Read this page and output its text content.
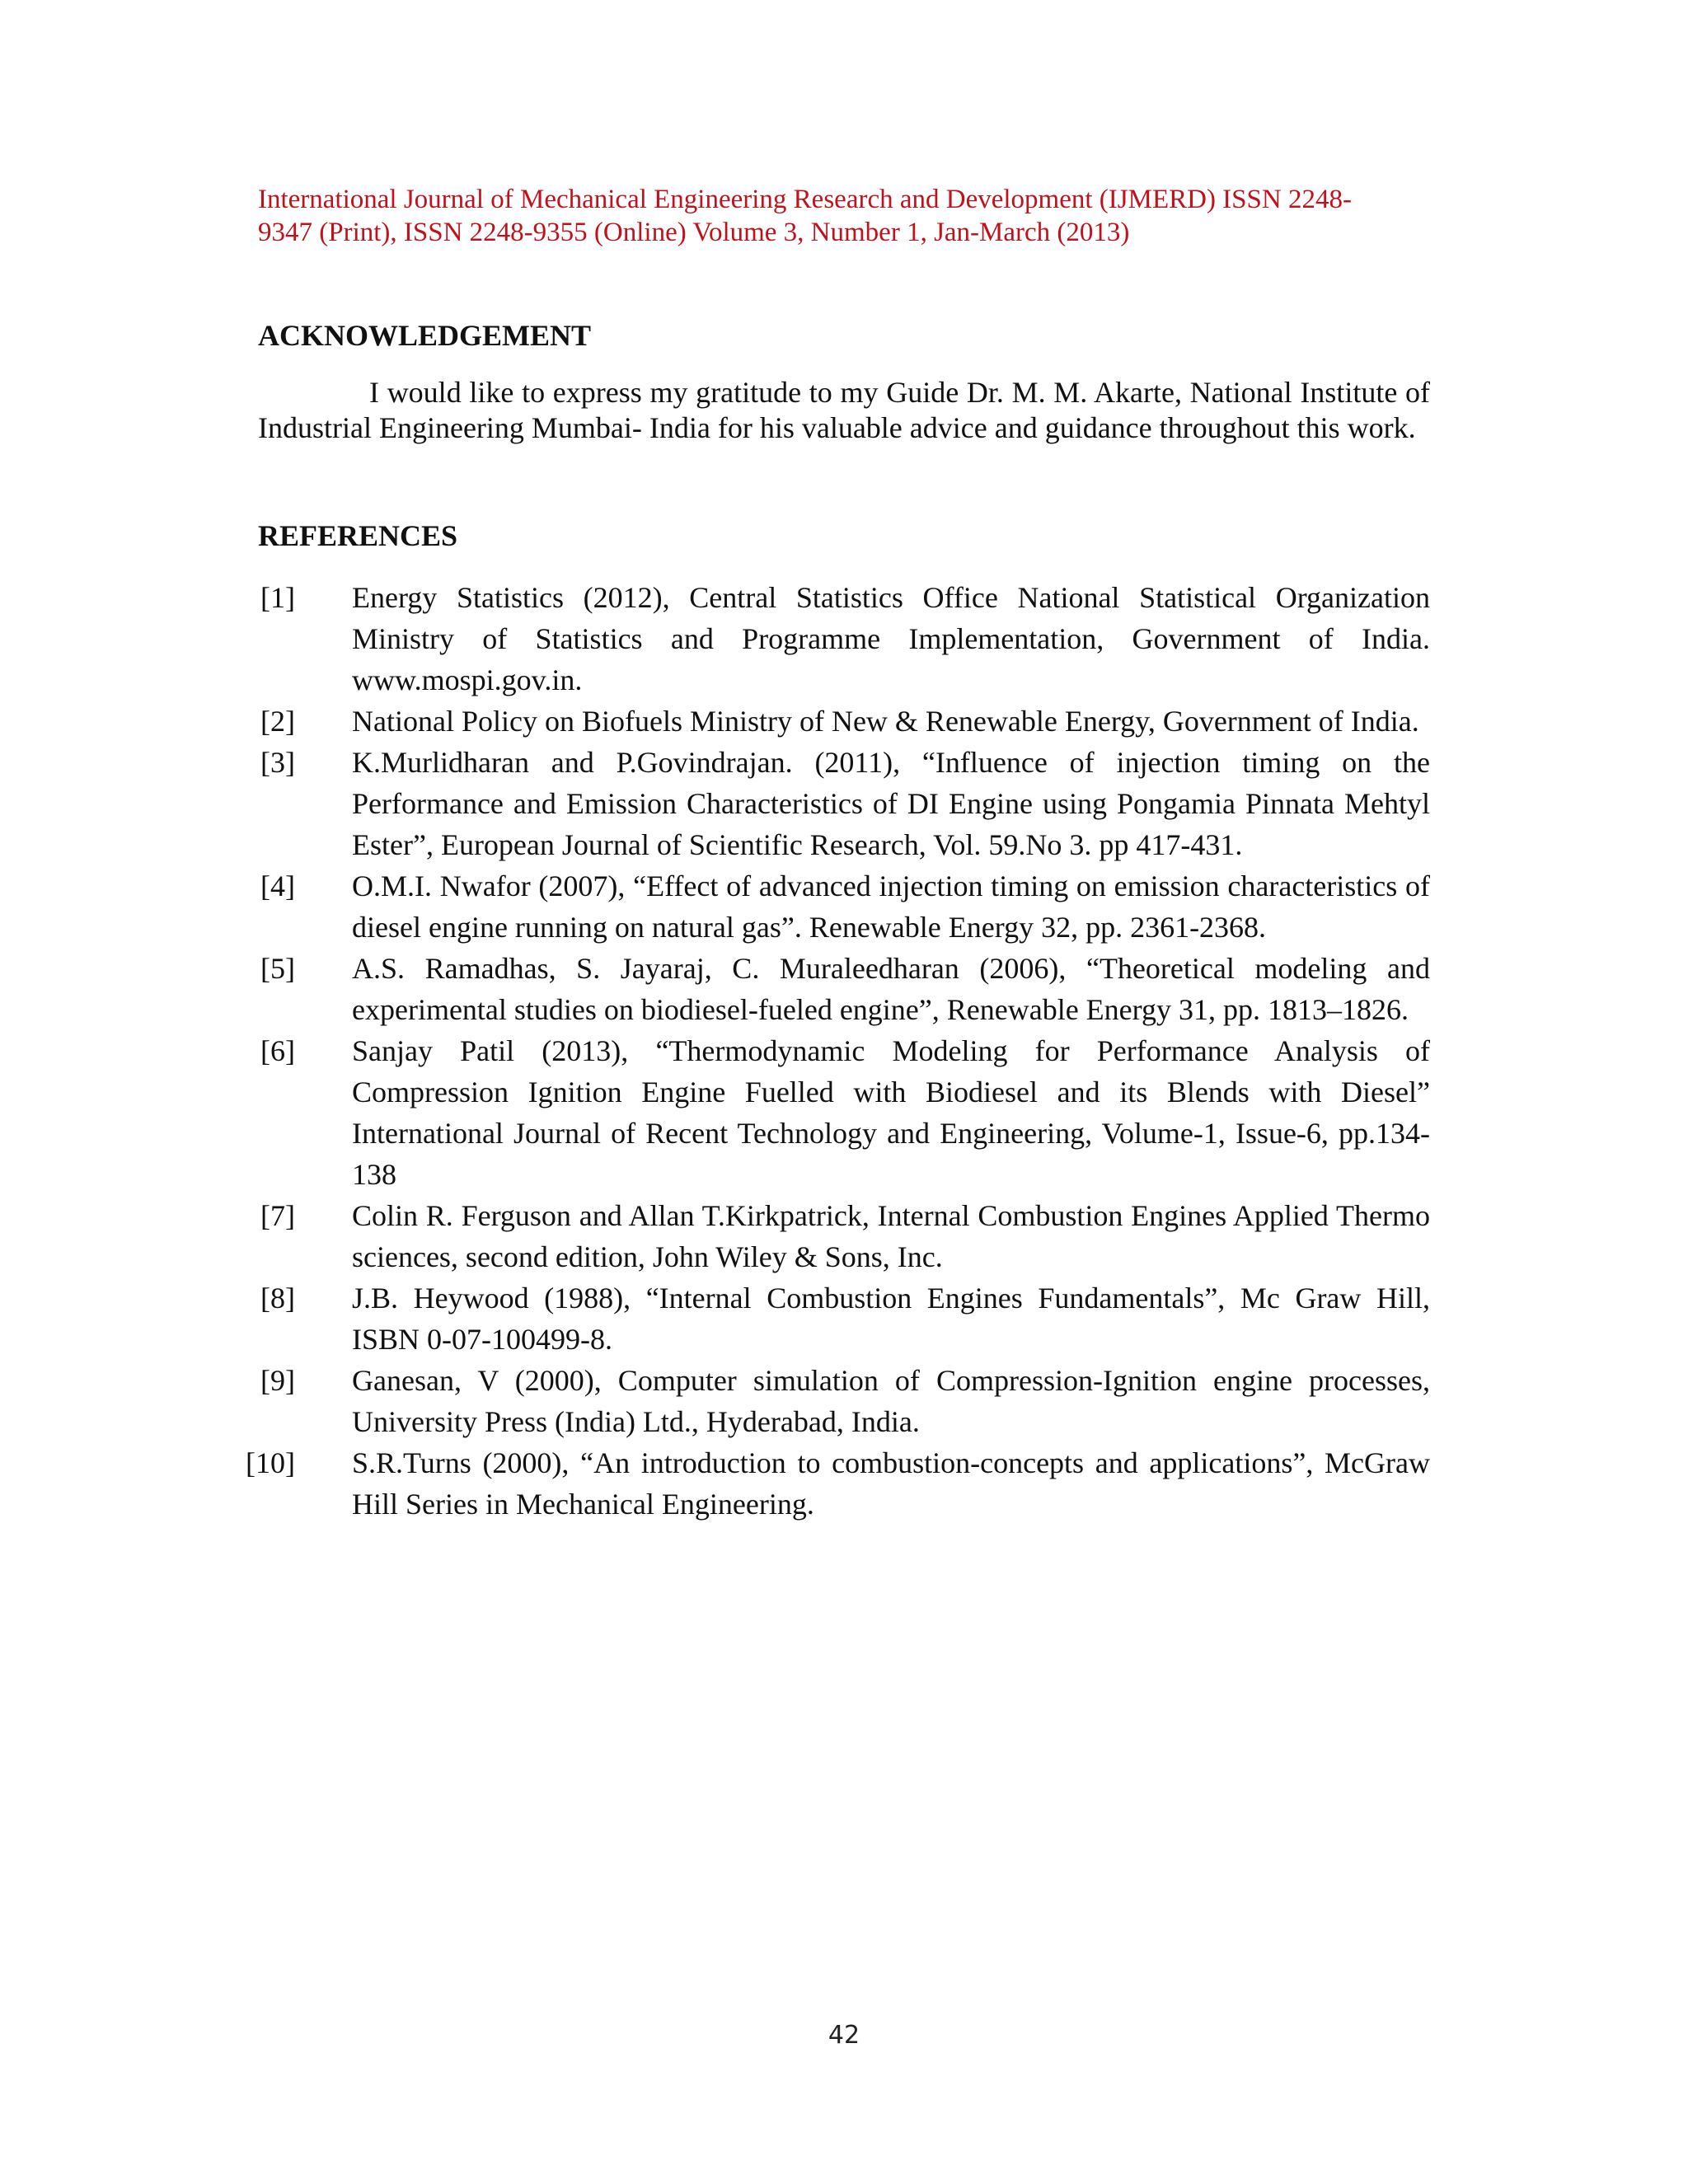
International Journal of Mechanical Engineering Research and Development (IJMERD) ISSN 2248-
9347 (Print), ISSN 2248-9355 (Online) Volume 3, Number 1, Jan-March (2013)
ACKNOWLEDGEMENT
I would like to express my gratitude to my Guide Dr. M. M. Akarte, National Institute of Industrial Engineering Mumbai- India for his valuable advice and guidance throughout this work.
REFERENCES
[1] Energy Statistics (2012), Central Statistics Office National Statistical Organization Ministry of Statistics and Programme Implementation, Government of India. www.mospi.gov.in.
[2] National Policy on Biofuels Ministry of New & Renewable Energy, Government of India.
[3] K.Murlidharan and P.Govindrajan. (2011), “Influence of injection timing on the Performance and Emission Characteristics of DI Engine using Pongamia Pinnata Mehtyl Ester”, European Journal of Scientific Research, Vol. 59.No 3. pp 417-431.
[4] O.M.I. Nwafor (2007), “Effect of advanced injection timing on emission characteristics of diesel engine running on natural gas”. Renewable Energy 32, pp. 2361-2368.
[5] A.S. Ramadhas, S. Jayaraj, C. Muraleedharan (2006), “Theoretical modeling and experimental studies on biodiesel-fueled engine”, Renewable Energy 31, pp. 1813–1826.
[6] Sanjay Patil (2013), “Thermodynamic Modeling for Performance Analysis of Compression Ignition Engine Fuelled with Biodiesel and its Blends with Diesel” International Journal of Recent Technology and Engineering, Volume-1, Issue-6, pp.134-138
[7] Colin R. Ferguson and Allan T.Kirkpatrick, Internal Combustion Engines Applied Thermo sciences, second edition, John Wiley & Sons, Inc.
[8] J.B. Heywood (1988), “Internal Combustion Engines Fundamentals”, Mc Graw Hill, ISBN 0-07-100499-8.
[9] Ganesan, V (2000), Computer simulation of Compression-Ignition engine processes, University Press (India) Ltd., Hyderabad, India.
[10] S.R.Turns (2000), “An introduction to combustion-concepts and applications”, McGraw Hill Series in Mechanical Engineering.
42
